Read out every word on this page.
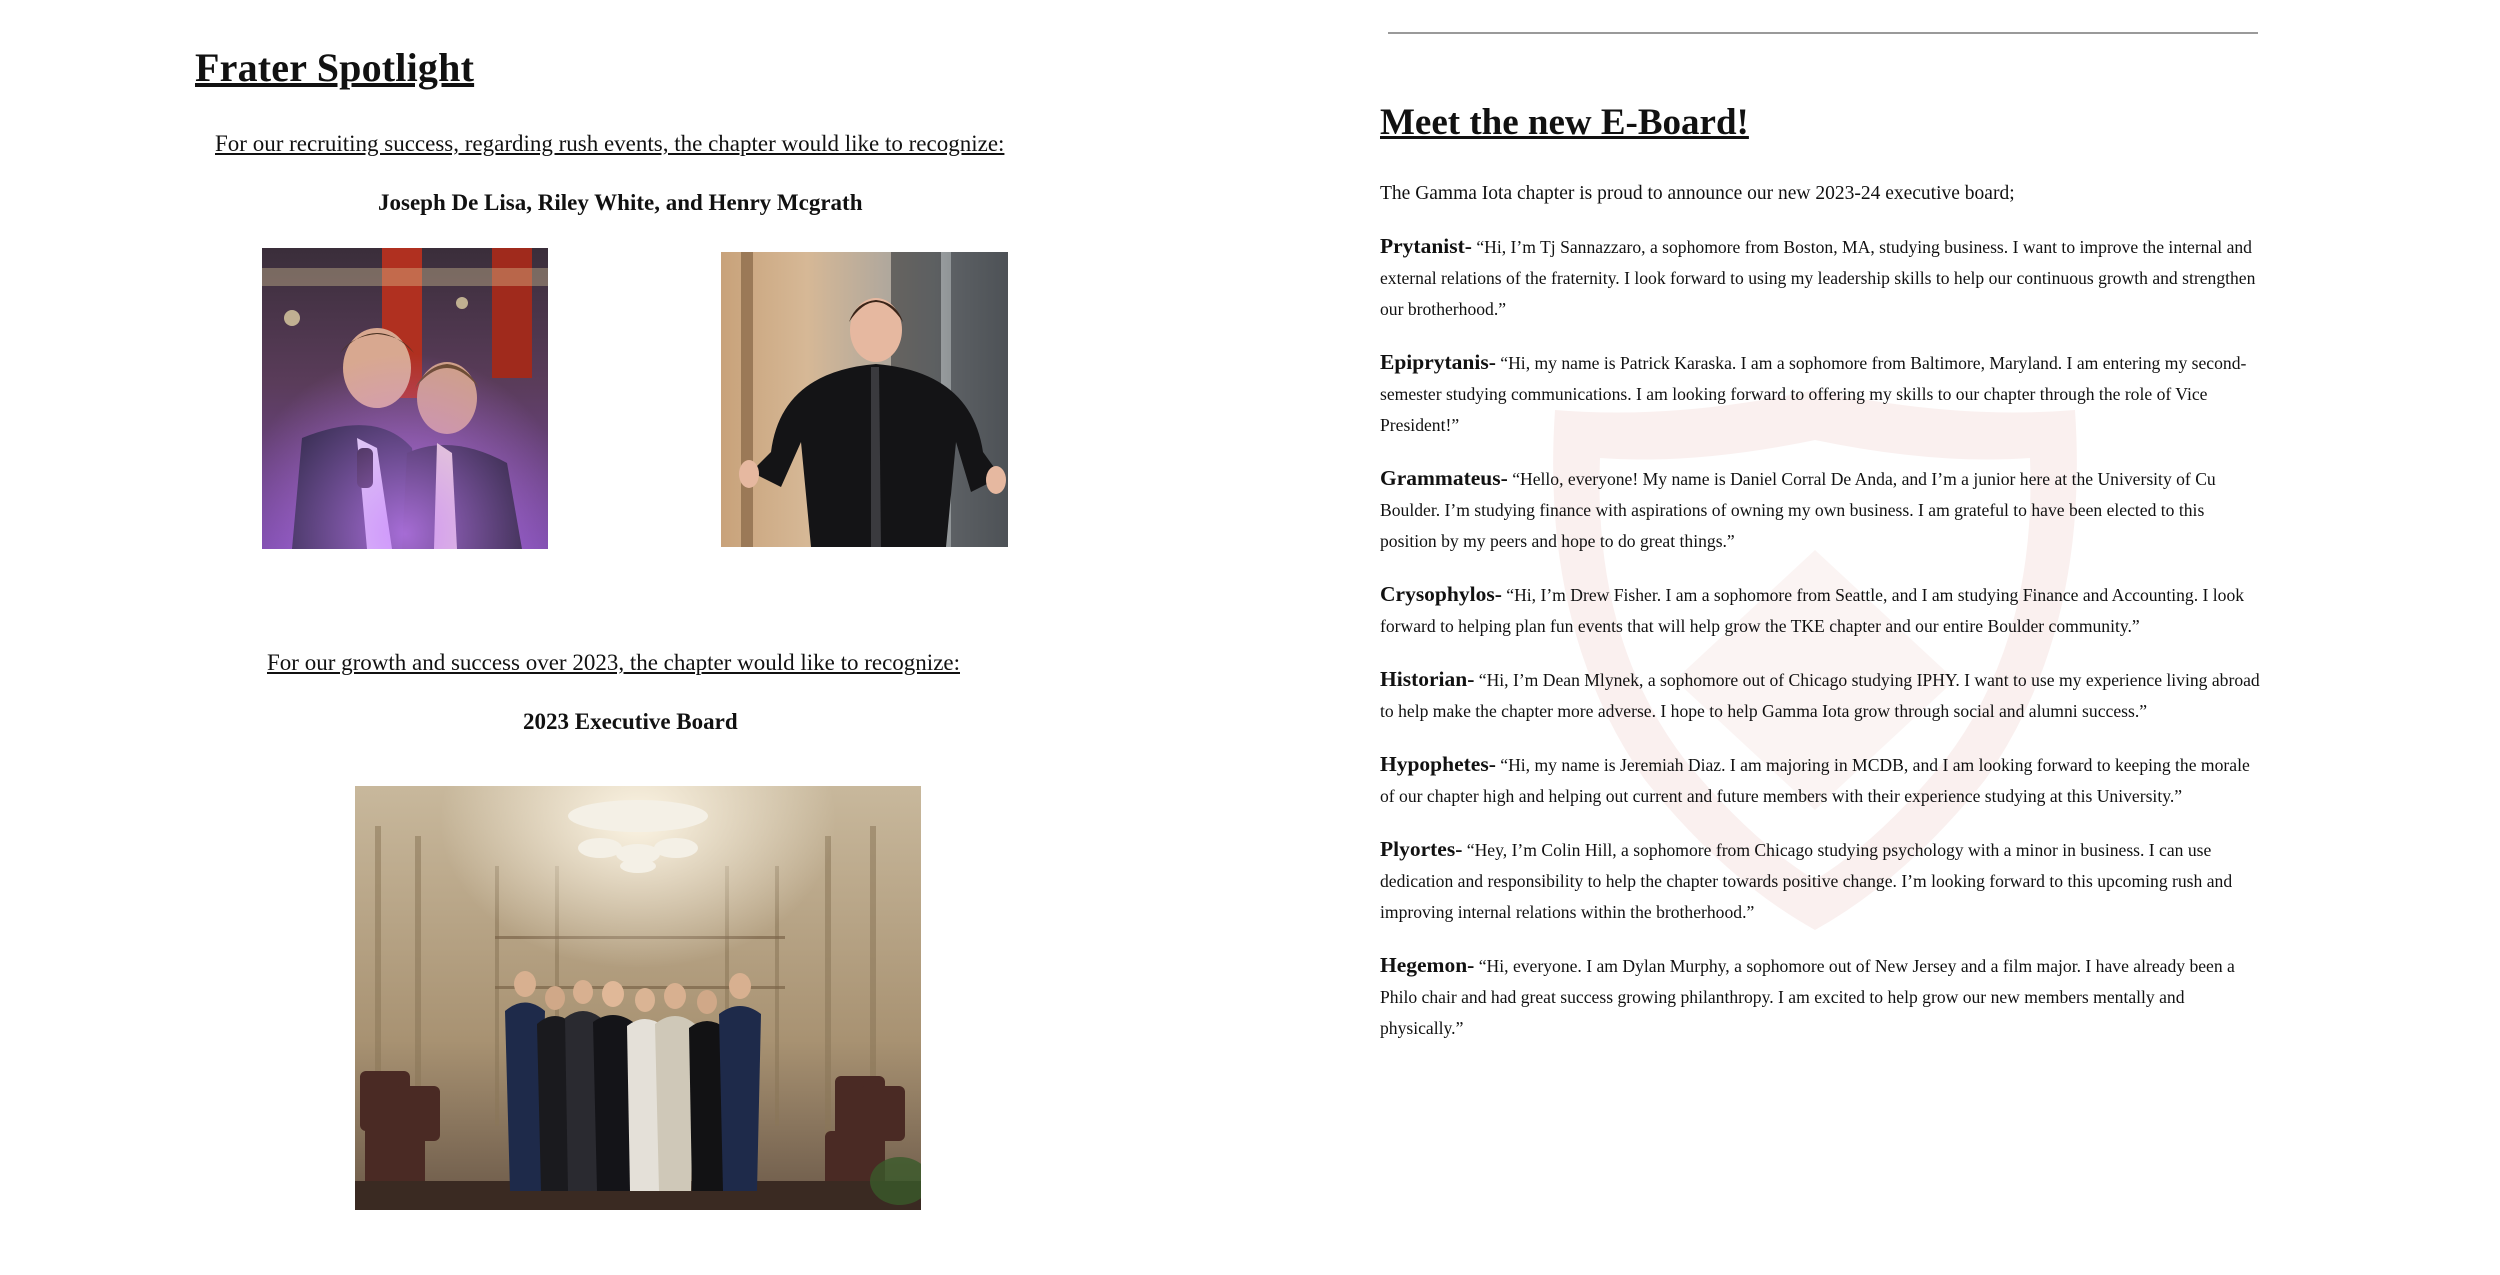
Frater Spotlight
For our recruiting success, regarding rush events, the chapter would like to recognize:
Joseph De Lisa, Riley White, and Henry Mcgrath
For our growth and success over 2023, the chapter would like to recognize:
2023 Executive Board
Meet the new E-Board!
The Gamma Iota chapter is proud to announce our new 2023-24 executive board;
Prytanist- “Hi, I’m Tj Sannazzaro, a sophomore from Boston, MA, studying business. I want to improve the internal and external relations of the fraternity. I look forward to using my leadership skills to help our continuous growth and strengthen our brotherhood.”
Epiprytanis- “Hi, my name is Patrick Karaska. I am a sophomore from Baltimore, Maryland. I am entering my second-semester studying communications. I am looking forward to offering my skills to our chapter through the role of Vice President!”
Grammateus- “Hello, everyone! My name is Daniel Corral De Anda, and I’m a junior here at the University of Cu Boulder. I’m studying finance with aspirations of owning my own business. I am grateful to have been elected to this position by my peers and hope to do great things.”
Crysophylos- “Hi, I’m Drew Fisher. I am a sophomore from Seattle, and I am studying Finance and Accounting. I look forward to helping plan fun events that will help grow the TKE chapter and our entire Boulder community.”
Historian- “Hi, I’m Dean Mlynek, a sophomore out of Chicago studying IPHY. I want to use my experience living abroad to help make the chapter more adverse. I hope to help Gamma Iota grow through social and alumni success.”
Hypophetes- “Hi, my name is Jeremiah Diaz. I am majoring in MCDB, and I am looking forward to keeping the morale of our chapter high and helping out current and future members with their experience studying at this University.”
Plyortes- “Hey, I’m Colin Hill, a sophomore from Chicago studying psychology with a minor in business. I can use dedication and responsibility to help the chapter towards positive change. I’m looking forward to this upcoming rush and improving internal relations within the brotherhood.”
Hegemon- “Hi, everyone. I am Dylan Murphy, a sophomore out of New Jersey and a film major. I have already been a Philo chair and had great success growing philanthropy. I am excited to help grow our new members mentally and physically.”
